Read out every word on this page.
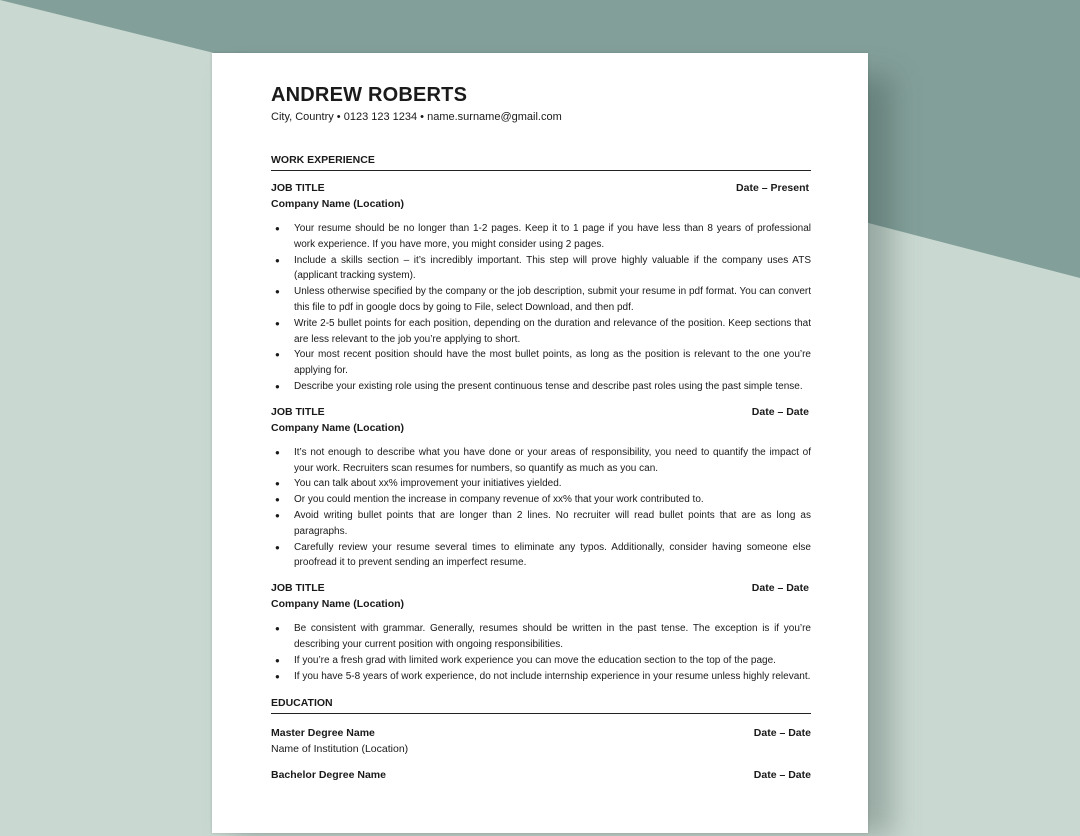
ANDREW ROBERTS
City, Country • 0123 123 1234 • name.surname@gmail.com
WORK EXPERIENCE
JOB TITLE	Date – Present
Company Name (Location)
● Your resume should be no longer than 1-2 pages. Keep it to 1 page if you have less than 8 years of professional work experience. If you have more, you might consider using 2 pages.
● Include a skills section – it’s incredibly important. This step will prove highly valuable if the company uses ATS (applicant tracking system).
● Unless otherwise specified by the company or the job description, submit your resume in pdf format. You can convert this file to pdf in google docs by going to File, select Download, and then pdf.
● Write 2-5 bullet points for each position, depending on the duration and relevance of the position. Keep sections that are less relevant to the job you’re applying to short.
● Your most recent position should have the most bullet points, as long as the position is relevant to the one you’re applying for.
● Describe your existing role using the present continuous tense and describe past roles using the past simple tense.
JOB TITLE	Date – Date
Company Name (Location)
● It’s not enough to describe what you have done or your areas of responsibility, you need to quantify the impact of your work. Recruiters scan resumes for numbers, so quantify as much as you can.
● You can talk about xx% improvement your initiatives yielded.
● Or you could mention the increase in company revenue of xx% that your work contributed to.
● Avoid writing bullet points that are longer than 2 lines. No recruiter will read bullet points that are as long as paragraphs.
● Carefully review your resume several times to eliminate any typos. Additionally, consider having someone else proofread it to prevent sending an imperfect resume.
JOB TITLE	Date – Date
Company Name (Location)
● Be consistent with grammar. Generally, resumes should be written in the past tense. The exception is if you’re describing your current position with ongoing responsibilities.
● If you’re a fresh grad with limited work experience you can move the education section to the top of the page.
● If you have 5-8 years of work experience, do not include internship experience in your resume unless highly relevant.
EDUCATION
Master Degree Name	Date – Date
Name of Institution (Location)
Bachelor Degree Name	Date – Date
